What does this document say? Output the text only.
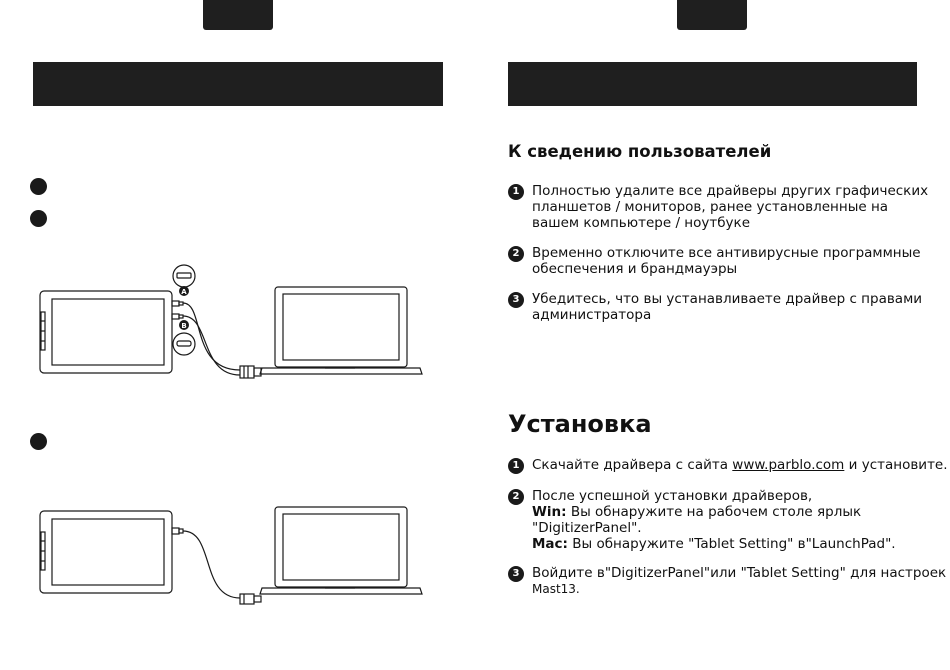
A
B
К сведению пользователей
1 Полностью удалите все драйверы других графических
планшетов / мониторов, ранее установленные на
вашем компьютере / ноутбуке
2 Временно отключите все антивирусные программные
обеспечения и брандмауэры
3 Убедитесь, что вы устанавливаете драйвер с правами
администратора
Установка
1 Скачайте драйвера с сайта www.parblo.com и установите.
2 После успешной установки драйверов,
Win: Вы обнаружите на рабочем столе ярлык
"DigitizerPanel".
Mac: Вы обнаружите "Tablet Setting" в"LaunchPad".
3 Войдите в"DigitizerPanel"или "Tablet Setting" для настроек
Mast13.
